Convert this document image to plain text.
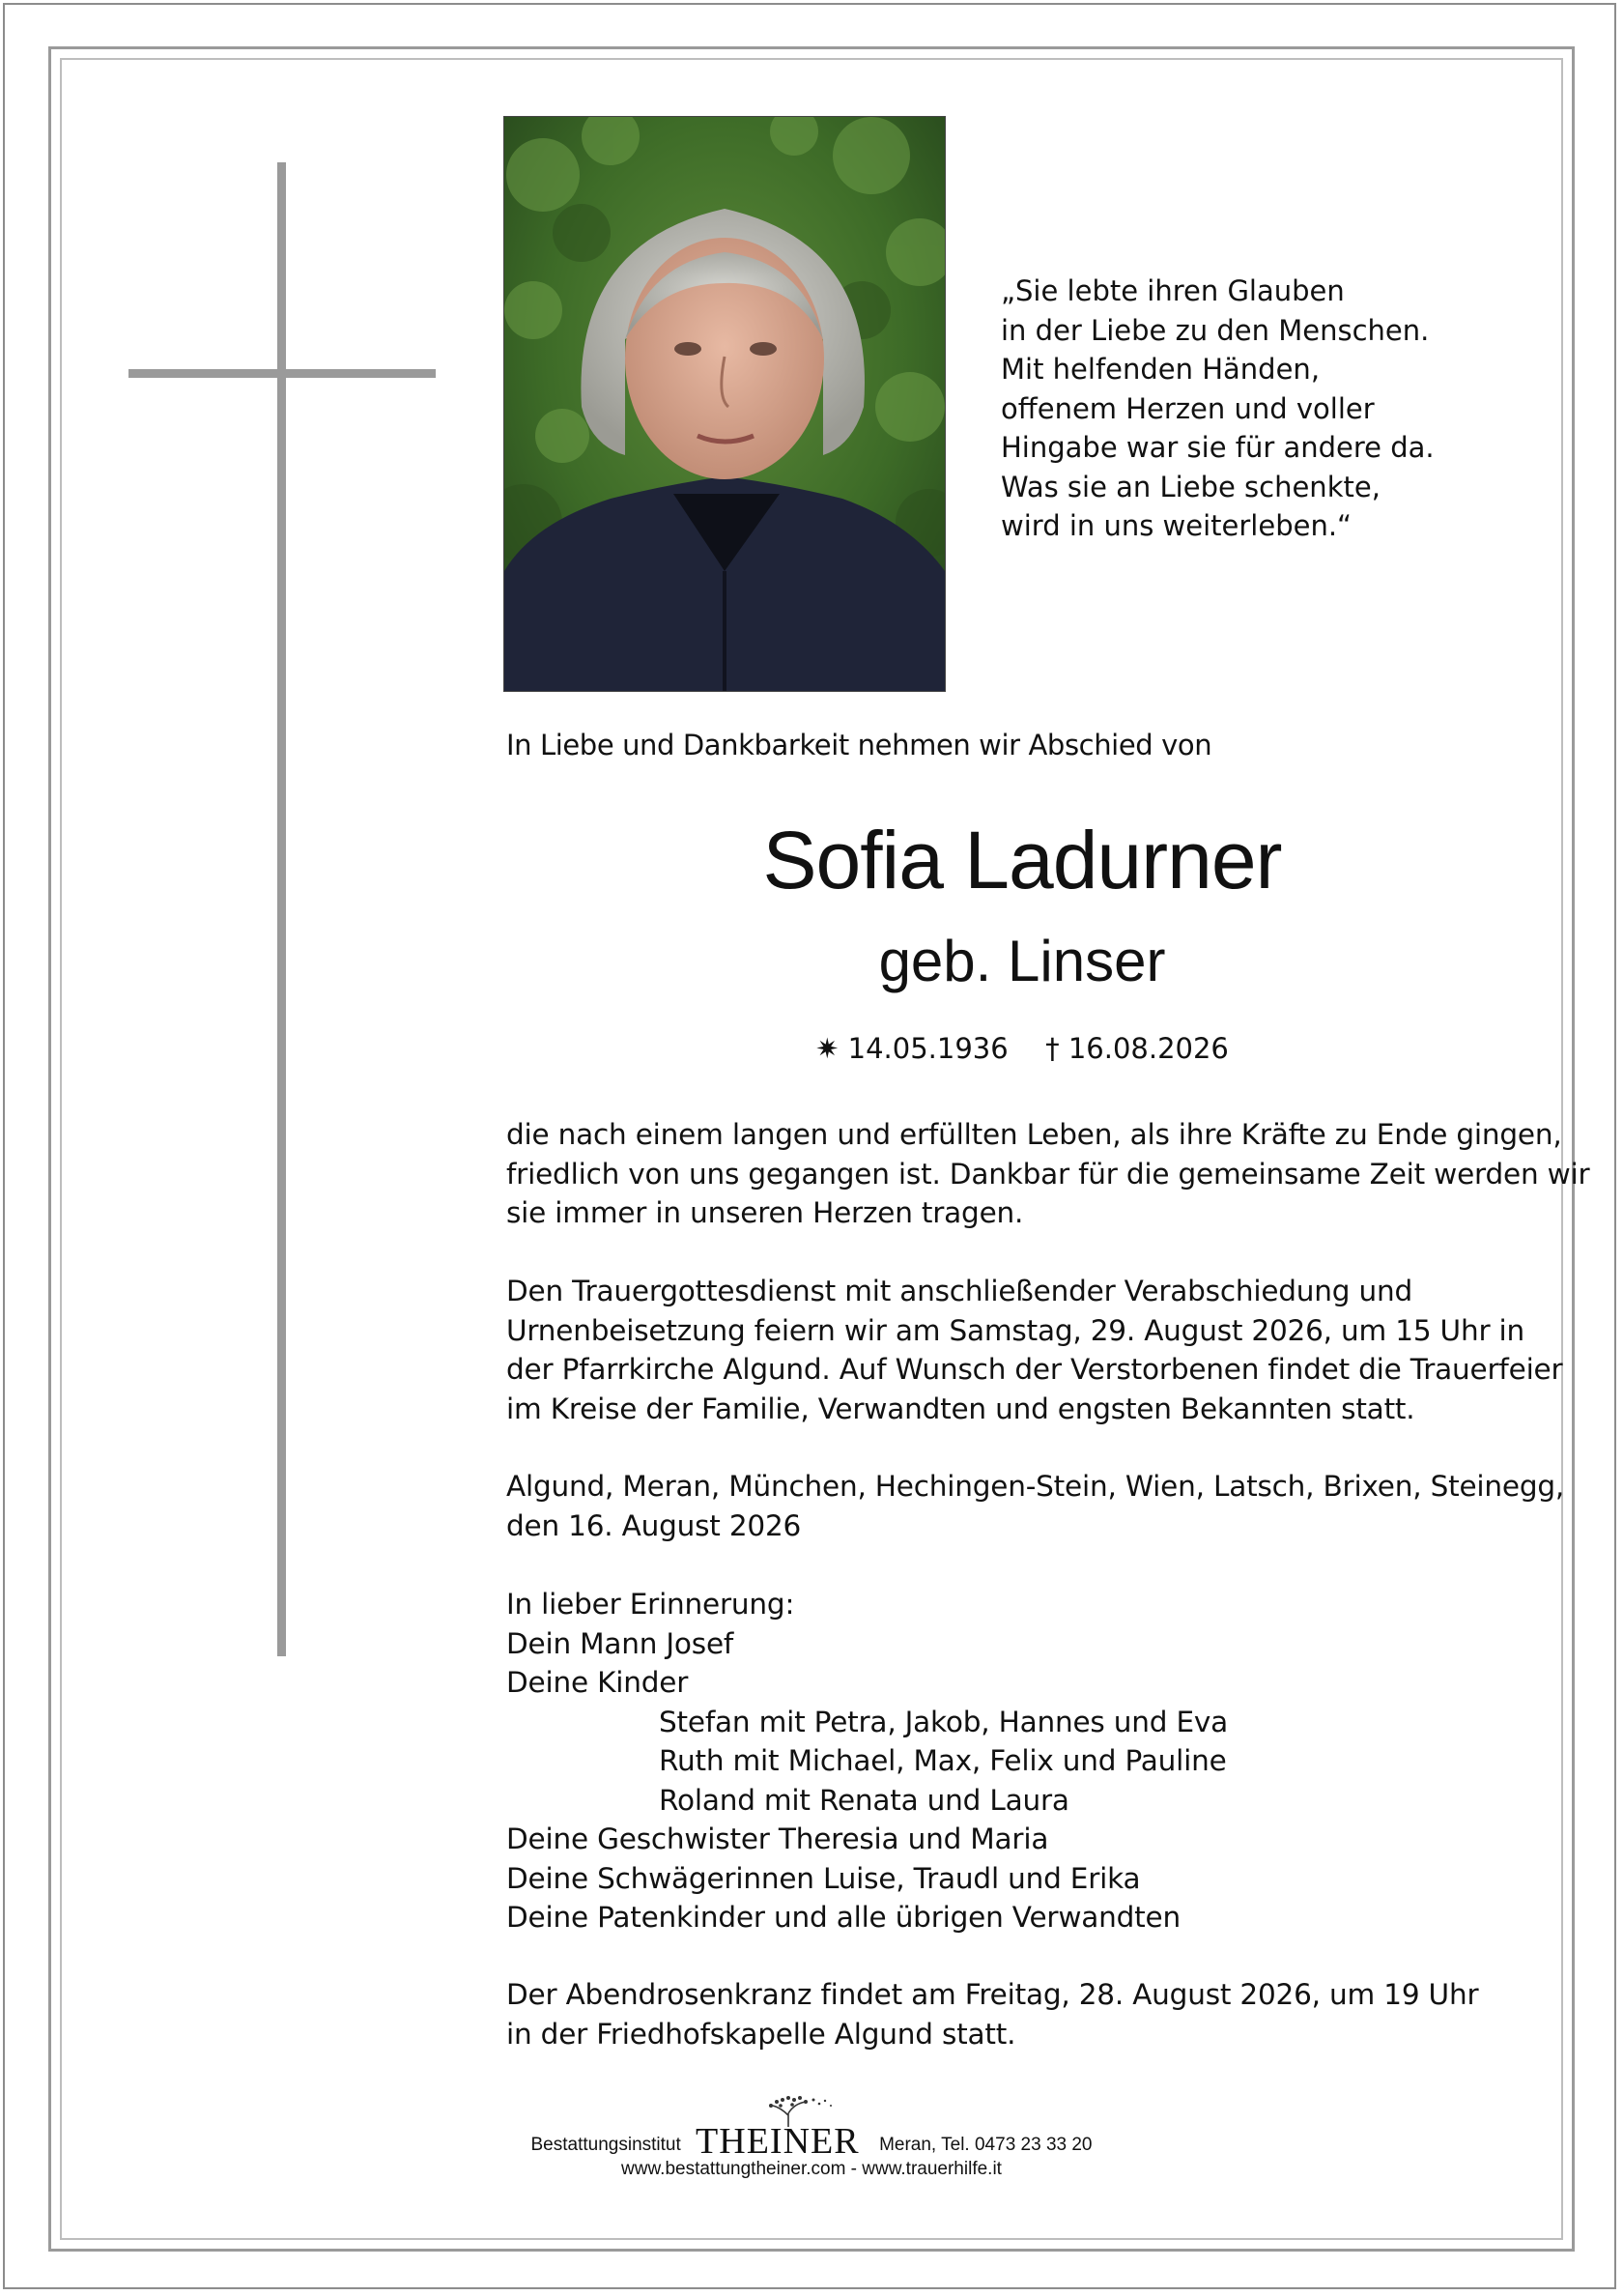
„Sie lebte ihren Glauben
in der Liebe zu den Menschen.
Mit helfenden Händen,
offenem Herzen und voller
Hingabe war sie für andere da.
Was sie an Liebe schenkte,
wird in uns weiterleben.“
In Liebe und Dankbarkeit nehmen wir Abschied von
Sofia Ladurner
geb. Linser
✷ 14.05.1936 † 16.08.2026
die nach einem langen und erfüllten Leben, als ihre Kräfte zu Ende gingen,
friedlich von uns gegangen ist. Dankbar für die gemeinsame Zeit werden wir
sie immer in unseren Herzen tragen.
Den Trauergottesdienst mit anschließender Verabschiedung und
Urnenbeisetzung feiern wir am Samstag, 29. August 2026, um 15 Uhr in
der Pfarrkirche Algund. Auf Wunsch der Verstorbenen findet die Trauerfeier
im Kreise der Familie, Verwandten und engsten Bekannten statt.
Algund, Meran, München, Hechingen-Stein, Wien, Latsch, Brixen, Steinegg,
den 16. August 2026
In lieber Erinnerung:
Dein Mann Josef
Deine Kinder
Stefan mit Petra, Jakob, Hannes und Eva
Ruth mit Michael, Max, Felix und Pauline
Roland mit Renata und Laura
Deine Geschwister Theresia und Maria
Deine Schwägerinnen Luise, Traudl und Erika
Deine Patenkinder und alle übrigen Verwandten
Der Abendrosenkranz findet am Freitag, 28. August 2026, um 19 Uhr
in der Friedhofskapelle Algund statt.
Bestattungsinstitut THEINER Meran, Tel. 0473 23 33 20
www.bestattungtheiner.com - www.trauerhilfe.it
